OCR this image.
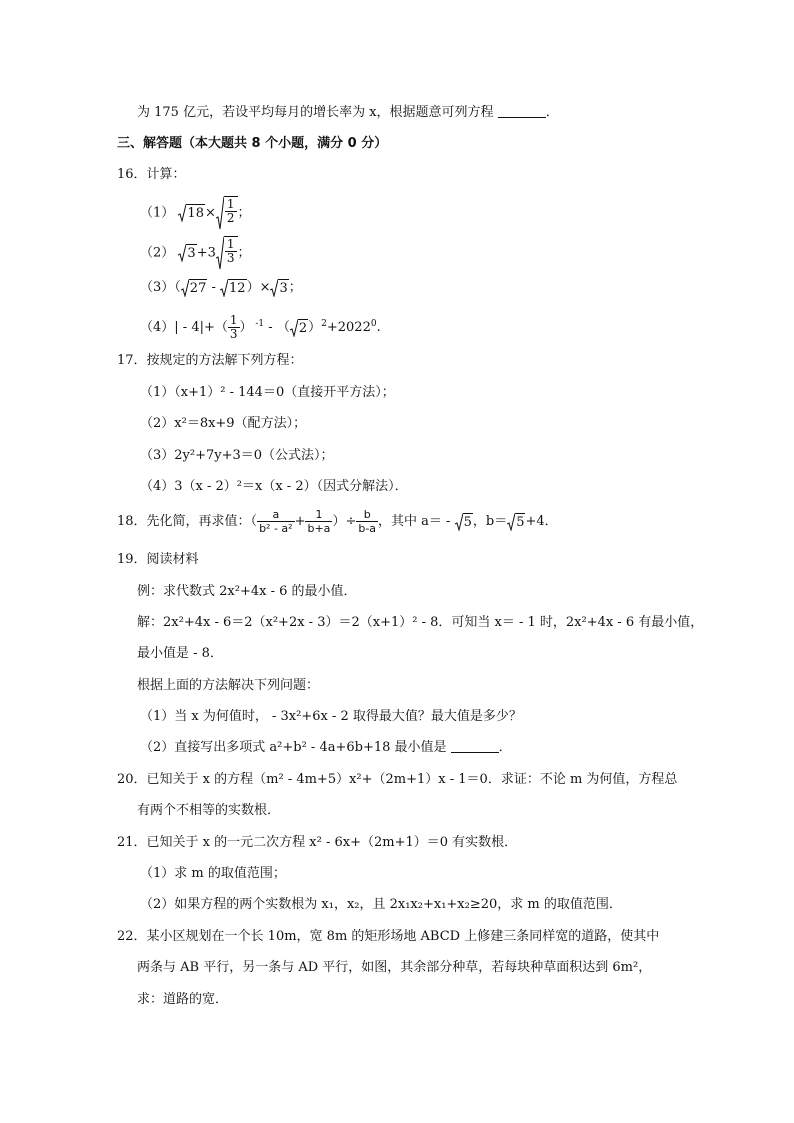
为 175 亿元，若设平均每月的增长率为 x，根据题意可列方程	．
三、解答题（本大题共 8 个小题，满分 0 分）
16．计算：
（1） $18 \times \frac{1}{2}$ ；
（2） $3 +3 \frac{1}{3}$ ；
（3）（ 27 - 12 ）× 3 ；
$(4)| - 4|+( \frac{1}{3}$ ） $^{-1}$ - （ 2 ）$^2+2022^0$.
17．按规定的方法解下列方程：
（1）（x+1）² - 144＝0（直接开平方法）；
（2）x²＝8x+9（配方法）；
（3）2y²+7y+3＝0（公式法）；
（4）3（x - 2）²＝x（x - 2）（因式分解法）．
18．先化简，再求值：（ $\frac{a}{\text{b² - a²}} + \frac{1}{b+a}$ ）÷ $\frac{b}{b-a}$ ，其中 a＝ - 5 ，b＝ 5 +4．
19．阅读材料
例：求代数式 2x²+4x - 6 的最小值．
解：2x²+4x - 6＝2（x²+2x - 3）＝2（x+1）² - 8．可知当 x＝ - 1 时，2x²+4x - 6 有最小值，
最小值是 - 8．
根据上面的方法解决下列问题：
（1）当 x 为何值时， - 3x²+6x - 2 取得最大值？最大值是多少？
（2）直接写出多项式 a²+b² - 4a+6b+18 最小值是	．
20．已知关于 x 的方程（m² - 4m+5）x²+（2m+1）x - 1＝0．求证：不论 m 为何值，方程总
有两个不相等的实数根．
21．已知关于 x 的一元二次方程 x² - 6x+（2m+1）＝0 有实数根．
（1）求 m 的取值范围；
（2）如果方程的两个实数根为 x₁，x₂，且 2x₁x₂+x₁+x₂≥20，求 m 的取值范围．
22．某小区规划在一个长 10m，宽 8m 的矩形场地 ABCD 上修建三条同样宽的道路，使其中
两条与 AB 平行，另一条与 AD 平行，如图，其余部分种草，若每块种草面积达到 6m²，
求：道路的宽．
